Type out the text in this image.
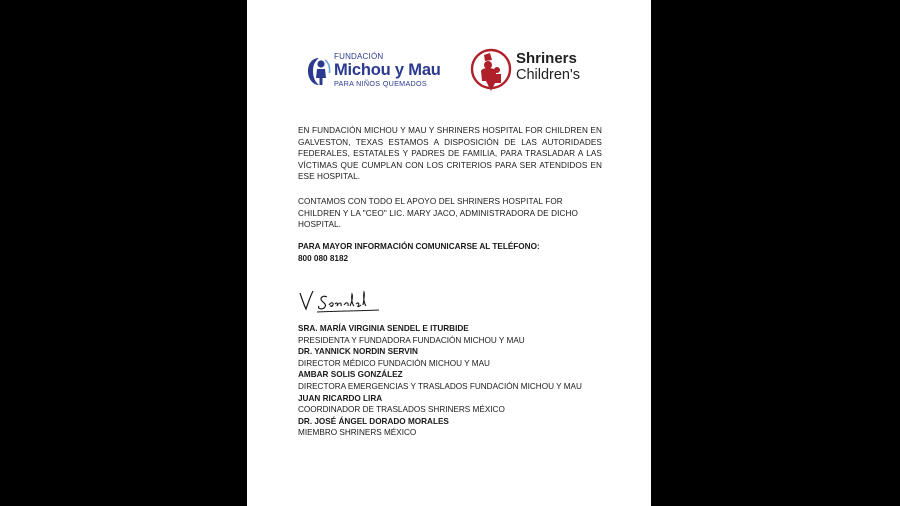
FUNDACIÓN
Michou y Mau
PARA NIÑOS QUEMADOS
Shriners
Children's
EN FUNDACIÓN MICHOU Y MAU Y SHRINERS HOSPITAL FOR CHILDREN EN GALVESTON, TEXAS ESTAMOS A DISPOSICIÓN DE LAS AUTORIDADES FEDERALES, ESTATALES Y PADRES DE FAMILIA, PARA TRASLADAR A LAS VÍCTIMAS QUE CUMPLAN CON LOS CRITERIOS PARA SER ATENDIDOS EN ESE HOSPITAL.
CONTAMOS CON TODO EL APOYO DEL SHRINERS HOSPITAL FOR CHILDREN Y LA "CEO" LIC. MARY JACO, ADMINISTRADORA DE DICHO HOSPITAL.
PARA MAYOR INFORMACIÓN COMUNICARSE AL TELÉFONO:
800 080 8182
SRA. MARÍA VIRGINIA SENDEL E ITURBIDE
PRESIDENTA Y FUNDADORA FUNDACIÓN MICHOU Y MAU
DR. YANNICK NORDIN SERVIN
DIRECTOR MÉDICO FUNDACIÓN MICHOU Y MAU
AMBAR SOLIS GONZÁLEZ
DIRECTORA EMERGENCIAS Y TRASLADOS FUNDACIÓN MICHOU Y MAU
JUAN RICARDO LIRA
COORDINADOR DE TRASLADOS SHRINERS MÉXICO
DR. JOSÉ ÁNGEL DORADO MORALES
MIEMBRO SHRINERS MÉXICO
